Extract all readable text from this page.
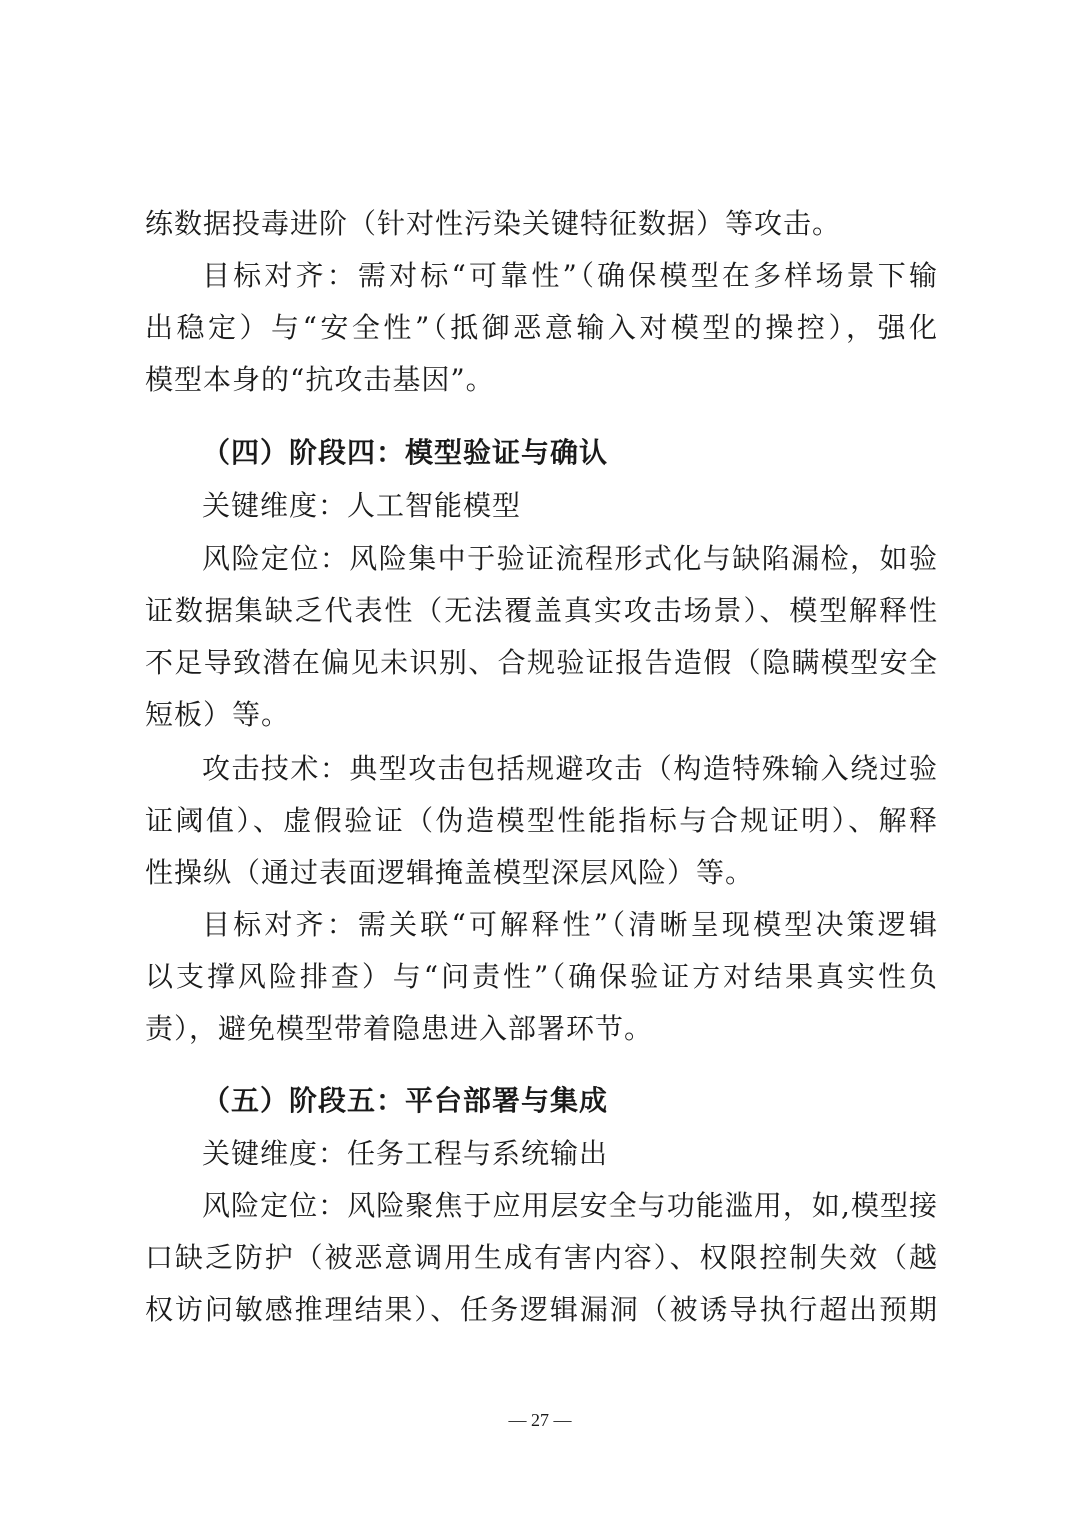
练数据投毒进阶（针对性污染关键特征数据）等攻击。
目标对齐：需对标“可靠性”（确保模型在多样场景下输
出稳定）与“安全性”（抵御恶意输入对模型的操控），强化
模型本身的“抗攻击基因”。
（四）阶段四：模型验证与确认
关键维度：人工智能模型
风险定位：风险集中于验证流程形式化与缺陷漏检，如验
证数据集缺乏代表性（无法覆盖真实攻击场景）、模型解释性
不足导致潜在偏见未识别、合规验证报告造假（隐瞒模型安全
短板）等。
攻击技术：典型攻击包括规避攻击（构造特殊输入绕过验
证阈值）、虚假验证（伪造模型性能指标与合规证明）、解释
性操纵（通过表面逻辑掩盖模型深层风险）等。
目标对齐：需关联“可解释性”（清晰呈现模型决策逻辑
以支撑风险排查）与“问责性”（确保验证方对结果真实性负
责），避免模型带着隐患进入部署环节。
（五）阶段五：平台部署与集成
关键维度：任务工程与系统输出
风险定位：风险聚焦于应用层安全与功能滥用，如,模型接
口缺乏防护（被恶意调用生成有害内容）、权限控制失效（越
权访问敏感推理结果）、任务逻辑漏洞（被诱导执行超出预期
— 27 —
